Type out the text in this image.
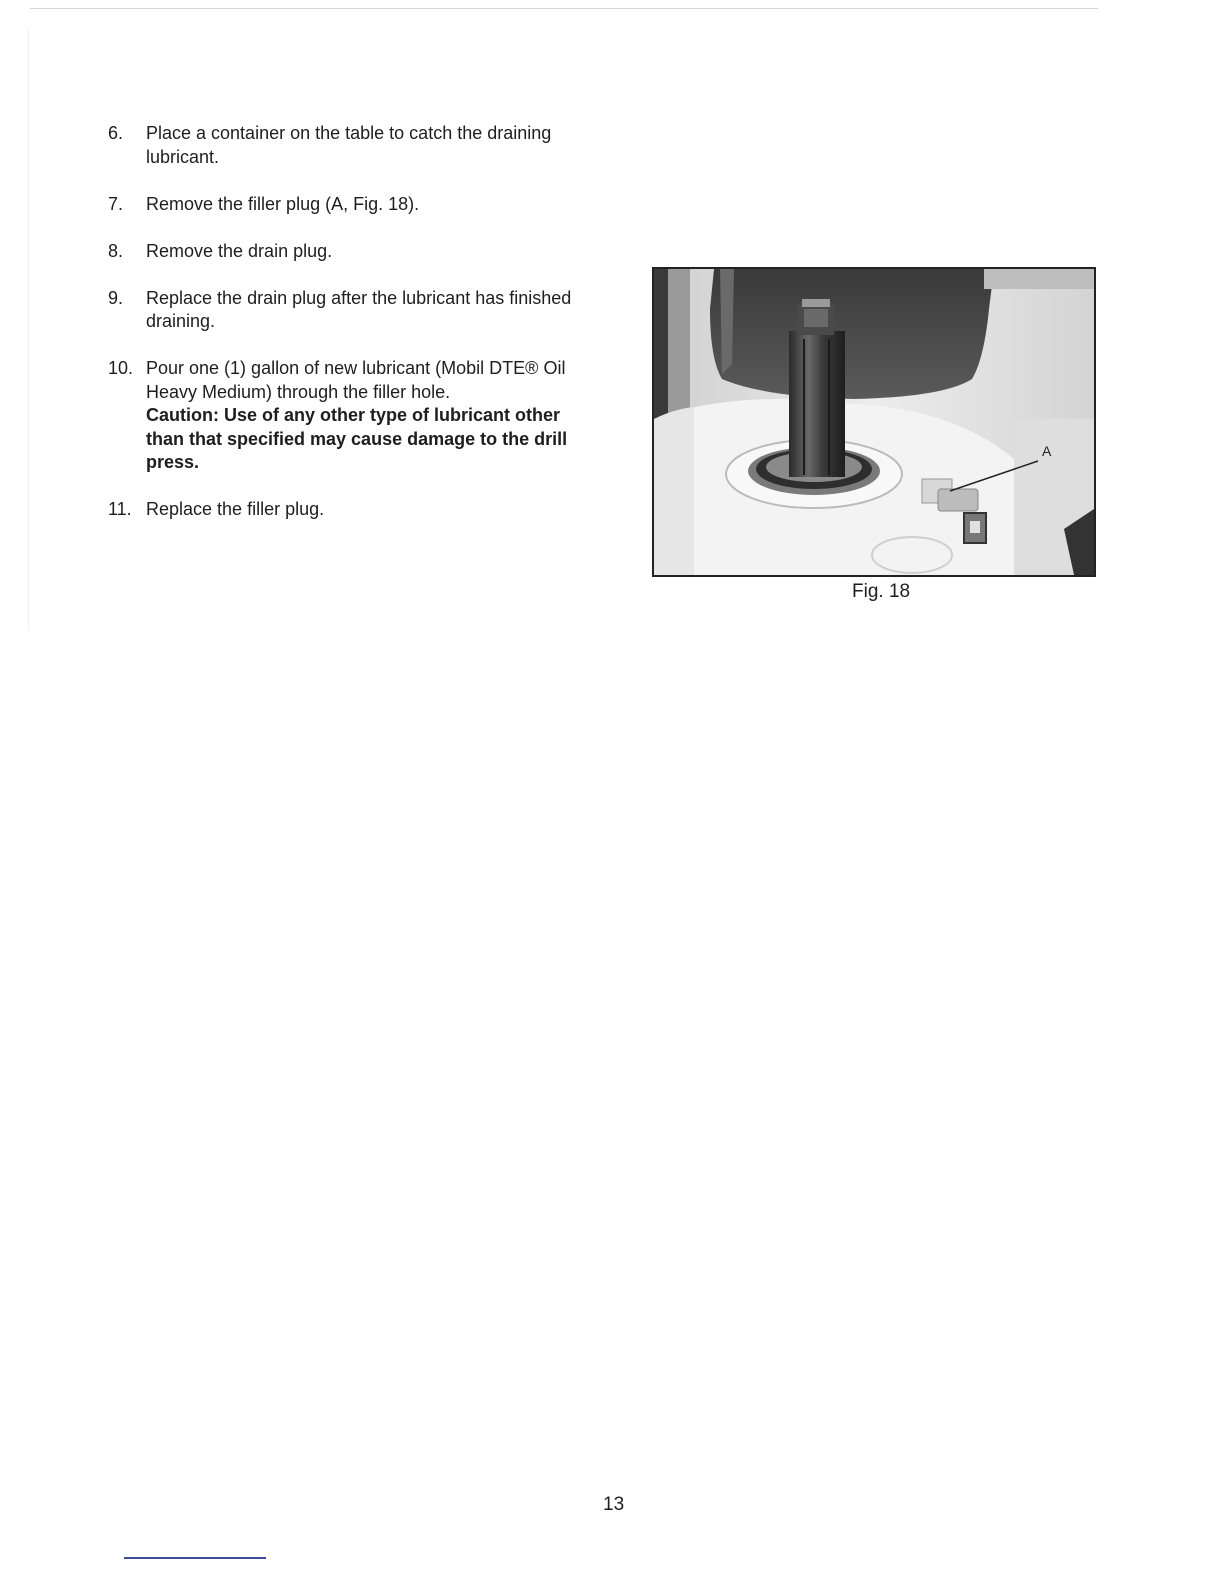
6. Place a container on the table to catch the draining lubricant.
7. Remove the filler plug (A, Fig. 18).
8. Remove the drain plug.
9. Replace the drain plug after the lubricant has finished draining.
10. Pour one (1) gallon of new lubricant (Mobil DTE® Oil Heavy Medium) through the filler hole.
Caution: Use of any other type of lubricant other than that specified may cause damage to the drill press.
11. Replace the filler plug.
A
Fig. 18
13
